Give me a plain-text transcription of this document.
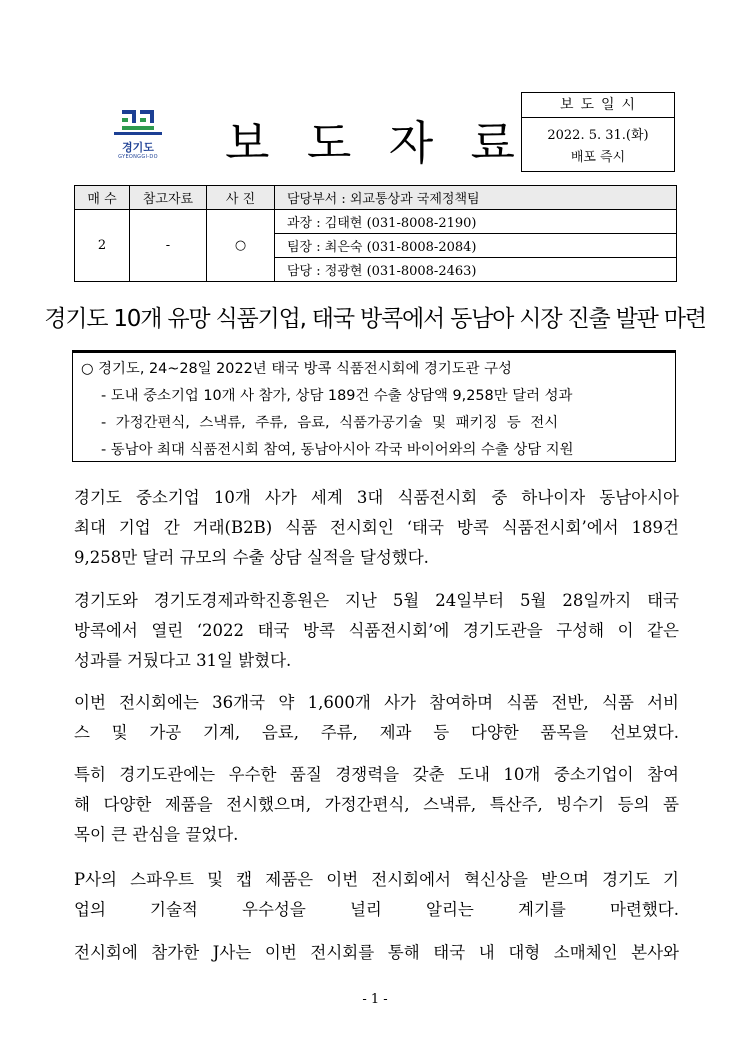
경기도
GYEONGGI-DO 보 도 자 료
보도일시
2022. 5. 31.(화)
배포 즉시
매 수	참고자료	사 진	담당부서 : 외교통상과 국제정책팀
2	-	○	과장 : 김태현 (031-8008-2190)
			팀장 : 최은숙 (031-8008-2084)
			담당 : 정광현 (031-8008-2463)
경기도 10개 유망 식품기업, 태국 방콕에서 동남아 시장 진출 발판 마련
○ 경기도, 24~28일 2022년 태국 방콕 식품전시회에 경기도관 구성
- 도내 중소기업 10개 사 참가, 상담 189건 수출 상담액 9,258만 달러 성과
- 가정간편식, 스낵류, 주류, 음료, 식품가공기술 및 패키징 등 전시
- 동남아 최대 식품전시회 참여, 동남아시아 각국 바이어와의 수출 상담 지원

경기도 중소기업 10개 사가 세계 3대 식품전시회 중 하나이자 동남아시아
최대 기업 간 거래(B2B) 식품 전시회인 ‘태국 방콕 식품전시회’에서 189건
9,258만 달러 규모의 수출 상담 실적을 달성했다.

경기도와 경기도경제과학진흥원은 지난 5월 24일부터 5월 28일까지 태국
방콕에서 열린 ‘2022 태국 방콕 식품전시회’에 경기도관을 구성해 이 같은
성과를 거뒀다고 31일 밝혔다.

이번 전시회에는 36개국 약 1,600개 사가 참여하며 식품 전반, 식품 서비
스 및 가공 기계, 음료, 주류, 제과 등 다양한 품목을 선보였다.

특히 경기도관에는 우수한 품질 경쟁력을 갖춘 도내 10개 중소기업이 참여
해 다양한 제품을 전시했으며, 가정간편식, 스낵류, 특산주, 빙수기 등의 품
목이 큰 관심을 끌었다.

P사의 스파우트 및 캡 제품은 이번 전시회에서 혁신상을 받으며 경기도 기
업의 기술적 우수성을 널리 알리는 계기를 마련했다.

전시회에 참가한 J사는 이번 전시회를 통해 태국 내 대형 소매체인 본사와

- 1 -
